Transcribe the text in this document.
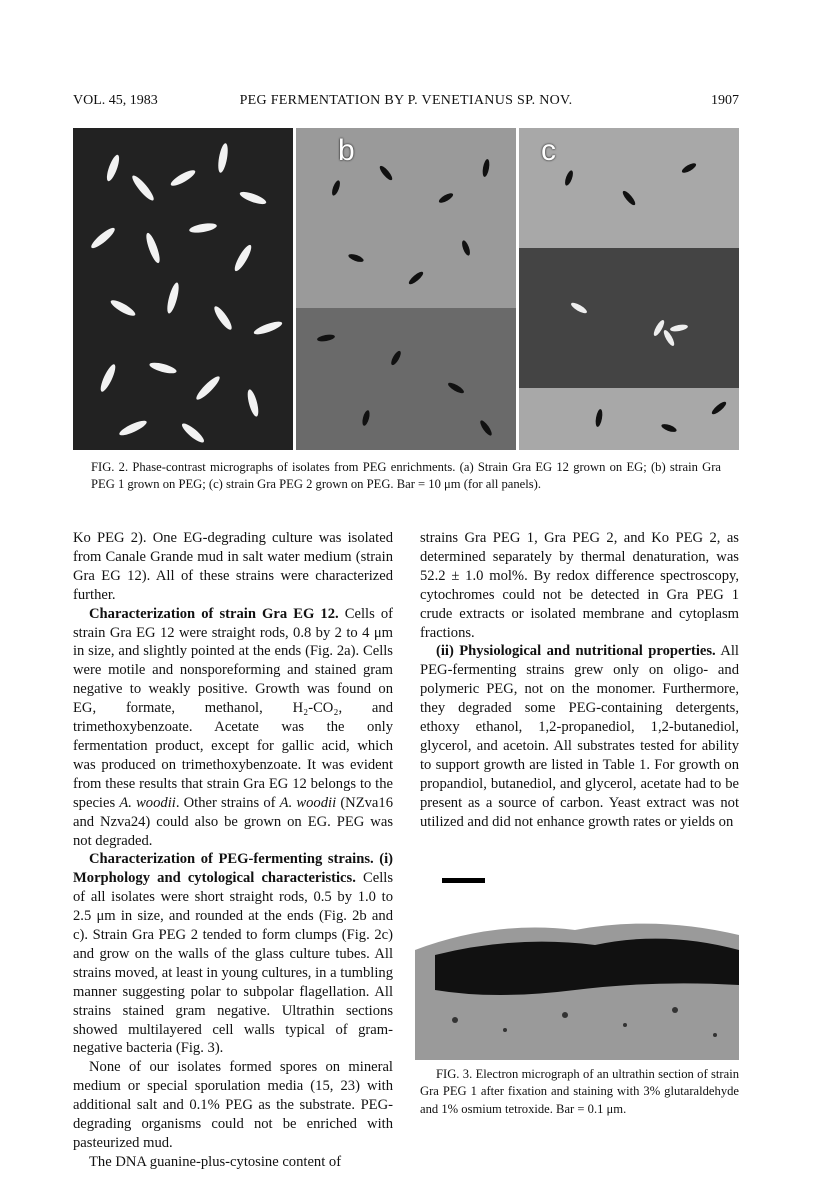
VOL. 45, 1983	PEG FERMENTATION BY P. VENETIANUS SP. NOV.	1907
b	c
FIG. 2. Phase-contrast micrographs of isolates from PEG enrichments. (a) Strain Gra EG 12 grown on EG; (b) strain Gra PEG 1 grown on PEG; (c) strain Gra PEG 2 grown on PEG. Bar = 10 μm (for all panels).

Ko PEG 2). One EG-degrading culture was isolated from Canale Grande mud in salt water medium (strain Gra EG 12). All of these strains were characterized further.

Characterization of strain Gra EG 12. Cells of strain Gra EG 12 were straight rods, 0.8 by 2 to 4 μm in size, and slightly pointed at the ends (Fig. 2a). Cells were motile and nonsporeforming and stained gram negative to weakly positive. Growth was found on EG, formate, methanol, H₂-CO₂, and trimethoxybenzoate. Acetate was the only fermentation product, except for gallic acid, which was produced on trimethoxybenzoate. It was evident from these results that strain Gra EG 12 belongs to the species A. woodii. Other strains of A. woodii (NZva16 and Nzva24) could also be grown on EG. PEG was not degraded.

Characterization of PEG-fermenting strains. (i) Morphology and cytological characteristics. Cells of all isolates were short straight rods, 0.5 by 1.0 to 2.5 μm in size, and rounded at the ends (Fig. 2b and c). Strain Gra PEG 2 tended to form clumps (Fig. 2c) and grow on the walls of the glass culture tubes. All strains moved, at least in young cultures, in a tumbling manner suggesting polar to subpolar flagellation. All strains stained gram negative. Ultrathin sections showed multilayered cell walls typical of gram-negative bacteria (Fig. 3).

None of our isolates formed spores on mineral medium or special sporulation media (15, 23) with additional salt and 0.1% PEG as the substrate. PEG-degrading organisms could not be enriched with pasteurized mud.

The DNA guanine-plus-cytosine content of

strains Gra PEG 1, Gra PEG 2, and Ko PEG 2, as determined separately by thermal denaturation, was 52.2 ± 1.0 mol%. By redox difference spectroscopy, cytochromes could not be detected in Gra PEG 1 crude extracts or isolated membrane and cytoplasm fractions.

(ii) Physiological and nutritional properties. All PEG-fermenting strains grew only on oligo- and polymeric PEG, not on the monomer. Furthermore, they degraded some PEG-containing detergents, ethoxy ethanol, 1,2-propanediol, 1,2-butanediol, glycerol, and acetoin. All substrates tested for ability to support growth are listed in Table 1. For growth on propandiol, butanediol, and glycerol, acetate had to be present as a source of carbon. Yeast extract was not utilized and did not enhance growth rates or yields on

FIG. 3. Electron micrograph of an ultrathin section of strain Gra PEG 1 after fixation and staining with 3% glutaraldehyde and 1% osmium tetroxide. Bar = 0.1 μm.
